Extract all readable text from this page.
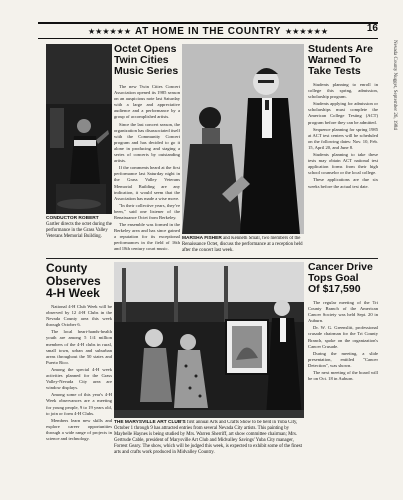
★★★★★★ AT HOME IN THE COUNTRY ★★★★★★	16
Nevada County Nugget, September 26, 1984
CONDUCTOR ROBERT Gartler directs the octet during the performance in the Grass Valley Veterans Memorial Building.
Octet Opens
Twin Cities
Music Series

The new Twin Cities Concert Association opened its 1985 season on an auspicious note last Saturday with a large and appreciative audience and a performance by a group of accomplished artists.

Since the last concert season, the organization has disassociated itself with the Community Concert program and has decided to go it alone in producing and staging a series of concerts by outstanding artists.

If the comments heard at the first performance last Saturday night in the Grass Valley Veterans Memorial Building are any indication, it would seem that the Association has made a wise move.

"In their collective years, they've been," said one listener of the Renaissance Octet from Berkeley.

The ensemble was formed in the Berkeley area and has since gained a reputation for its exceptional performances in the field of 16th and 18th century court music.

MARSHA FISHER and Kenneth Small, two members of the Renaissance Octet, discuss the performance at a reception held after the concert last week.
Students Are
Warned To
Take Tests

Students planning to enroll in college this spring, admission, scholarship program.

Students applying for admission or scholarships must complete the American College Testing (ACT) program before they can be admitted.

Sequence planning for spring 1985 at ACT test centers will be scheduled on the following dates: Nov. 10, Feb. 15, April 20, and June 8.

Students planning to take these tests may obtain ACT national test application forms from their high school counselor or the local college.

These applications are due six weeks before the actual test date.

County
Observes
4-H Week

National 4-H Club Week will be observed by 12 4-H Clubs in the Nevada County area this week through October 6.

The local heart-hands-health youth are among 5 1/4 million members of the 4-H clubs in rural, small town, urban and suburban areas throughout the 50 states and Puerto Rico.

Among the special 4-H week activities planned for the Grass Valley-Nevada City area are window displays.

Among some of this year's 4-H Week observances are a meeting for young people, 9 to 19 years old, to join or form 4-H Clubs.

Members learn new skills and explore career opportunities through a wide range of projects in science and technology.

THE MARYSVILLE ART CLUB'S first annual Arts and Crafts Show to be held in Yuba City, October 1 through 9 has attracted entries from several Nevada City artists. This painting by Maybelle Haynes is being studied by Mrs. Warren Sherriff, art show committee chairman; Mrs. Gertrude Cable, president of Marysville Art Club and Midvalley Savings' Yuba City manager, Forrest Geary. The show, which will be judged this week, is expected to exhibit some of the finest arts and crafts work produced in Midvalley Country.
Cancer Drive
Tops Goal
Of $17,590

The regular meeting of the Tri County Branch of the American Cancer Society was held Sept. 20 in Auburn.

Dr. W. G. Greenslitt, professional crusade chairman for the Tri County Branch, spoke on the organization's Cancer Crusade.

During the meeting, a slide presentation, entitled "Cancer Detection", was shown.

The next meeting of the board will be on Oct. 18 in Auburn.
